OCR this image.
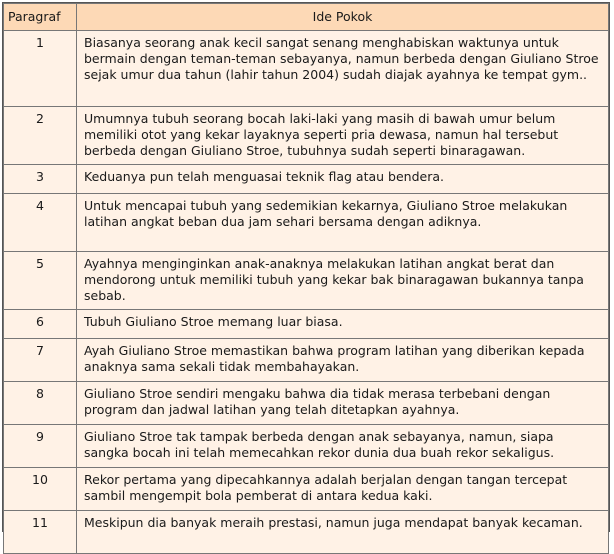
Paragraf	Ide Pokok
1	Biasanya seorang anak kecil sangat senang menghabiskan waktunya untuk bermain dengan teman-teman sebayanya, namun berbeda dengan Giuliano Stroe sejak umur dua tahun (lahir tahun 2004) sudah diajak ayahnya ke tempat gym..
2	Umumnya tubuh seorang bocah laki-laki yang masih di bawah umur belum memiliki otot yang kekar layaknya seperti pria dewasa, namun hal tersebut berbeda dengan Giuliano Stroe, tubuhnya sudah seperti binaragawan.
3	Keduanya pun telah menguasai teknik flag atau bendera.
4	Untuk mencapai tubuh yang sedemikian kekarnya, Giuliano Stroe melakukan latihan angkat beban dua jam sehari bersama dengan adiknya.
5	Ayahnya menginginkan anak-anaknya melakukan latihan angkat berat dan mendorong untuk memiliki tubuh yang kekar bak binaragawan bukannya tanpa sebab.
6	Tubuh Giuliano Stroe memang luar biasa.
7	Ayah Giuliano Stroe memastikan bahwa program latihan yang diberikan kepada anaknya sama sekali tidak membahayakan.
8	Giuliano Stroe sendiri mengaku bahwa dia tidak merasa terbebani dengan program dan jadwal latihan yang telah ditetapkan ayahnya.
9	Giuliano Stroe tak tampak berbeda dengan anak sebayanya, namun, siapa sangka bocah ini telah memecahkan rekor dunia dua buah rekor sekaligus.
10	Rekor pertama yang dipecahkannya adalah berjalan dengan tangan tercepat sambil mengempit bola pemberat di antara kedua kaki.
11	Meskipun dia banyak meraih prestasi, namun juga mendapat banyak kecaman.
